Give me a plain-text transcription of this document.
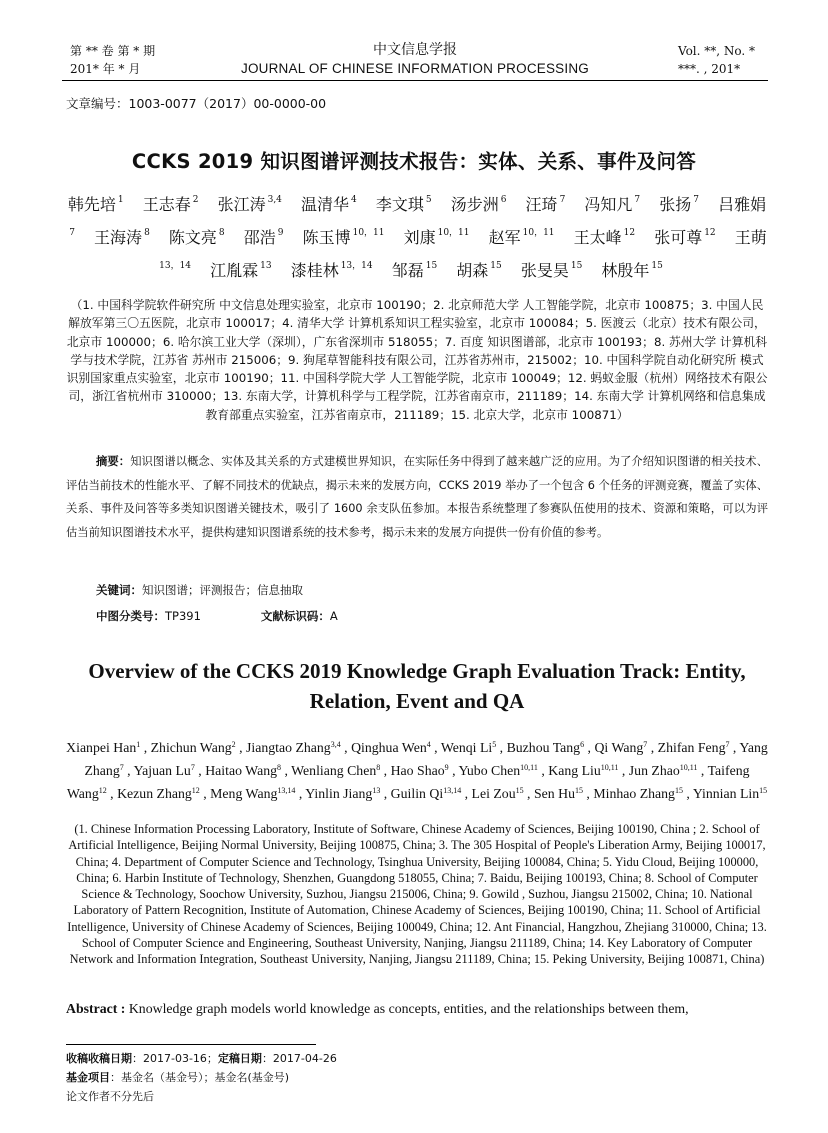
第 ** 卷 第 * 期
201* 年 * 月
中文信息学报
JOURNAL OF CHINESE INFORMATION PROCESSING
Vol. **, No. *
***. , 201*
文章编号：1003-0077（2017）00-0000-00
CCKS 2019 知识图谱评测技术报告：实体、关系、事件及问答
韩先培 $^1$ 王志春 $^2$ 张江涛 $^{3,4}$ 温清华 $^4$ 李文琪 $^5$ 汤步洲 $^6$ 汪琦 $^7$ 冯知凡 $^7$ 张扬 $^7$ 吕雅娟$^7$ 王海涛 $^8$ 陈文亮 $^8$ 邵浩 $^9$ 陈玉博 $^{10,11}$ 刘康 $^{10,11}$ 赵军 $^{10,11}$ 王太峰 $^{12}$ 张可尊 $^{12}$ 王萌$^{13,14}$ 江胤霖 $^{13}$ 漆桂林 $^{13,14}$ 邹磊 $^{15}$ 胡森 $^{15}$ 张旻昊 $^{15}$ 林殷年 $^{15}$
（1. 中国科学院软件研究所 中文信息处理实验室，北京市 100190；2. 北京师范大学 人工智能学院，北京市 100875；3. 中国人民解放军第三〇五医院，北京市 100017；4. 清华大学 计算机系知识工程实验室，北京市 100084；5. 医渡云（北京）技术有限公司，北京市 100000；6. 哈尔滨工业大学（深圳），广东省深圳市 518055；7. 百度 知识图谱部，北京市 100193；8. 苏州大学 计算机科学与技术学院，江苏省 苏州市 215006；9. 狗尾草智能科技有限公司，江苏省苏州市，215002；10. 中国科学院自动化研究所 模式识别国家重点实验室，北京市 100190；11. 中国科学院大学 人工智能学院，北京市 100049；12. 蚂蚁金服（杭州）网络技术有限公司，浙江省杭州市 310000；13. 东南大学，计算机科学与工程学院，江苏省南京市，211189；14. 东南大学 计算机网络和信息集成教育部重点实验室，江苏省南京市，211189；15. 北京大学，北京市 100871）
摘要：知识图谱以概念、实体及其关系的方式建模世界知识，在实际任务中得到了越来越广泛的应用。为了介绍知识图谱的相关技术、评估当前技术的性能水平、了解不同技术的优缺点，揭示未来的发展方向，CCKS 2019 举办了一个包含 6 个任务的评测竞赛，覆盖了实体、关系、事件及问答等多类知识图谱关键技术，吸引了 1600 余支队伍参加。本报告系统整理了参赛队伍使用的技术、资源和策略，可以为评估当前知识图谱技术水平，提供构建知识图谱系统的技术参考，揭示未来的发展方向提供一份有价值的参考。
关键词：知识图谱；评测报告；信息抽取
中图分类号：TP391	文献标识码：A
Overview of the CCKS 2019 Knowledge Graph Evaluation Track: Entity, Relation, Event and QA
Xianpei Han$^1$ , Zhichun Wang$^2$ , Jiangtao Zhang$^{3,4}$ , Qinghua Wen$^4$ , Wenqi Li$^5$ , Buzhou Tang$^6$ , Qi Wang$^7$ , Zhifan Feng$^7$ , Yang Zhang$^7$ , Yajuan Lu$^7$ , Haitao Wang$^8$ , Wenliang Chen$^8$ , Hao Shao$^9$ , Yubo Chen$^{10,11}$ , Kang Liu$^{10,11}$ , Jun Zhao$^{10,11}$ , Taifeng Wang$^{12}$ , Kezun Zhang$^{12}$ , Meng Wang$^{13,14}$ , Yinlin Jiang$^{13}$ , Guilin Qi$^{13,14}$ , Lei Zou$^{15}$ , Sen Hu$^{15}$ , Minhao Zhang$^{15}$ , Yinnian Lin$^{15}$
(1. Chinese Information Processing Laboratory, Institute of Software, Chinese Academy of Sciences, Beijing 100190, China ; 2. School of Artificial Intelligence, Beijing Normal University, Beijing 100875, China; 3. The 305 Hospital of People's Liberation Army, Beijing 100017, China; 4. Department of Computer Science and Technology, Tsinghua University, Beijing 100084, China; 5. Yidu Cloud, Beijing 100000, China; 6. Harbin Institute of Technology, Shenzhen, Guangdong 518055, China; 7. Baidu, Beijing 100193, China; 8. School of Computer Science & Technology, Soochow University, Suzhou, Jiangsu 215006, China; 9. Gowild , Suzhou, Jiangsu 215002, China; 10. National Laboratory of Pattern Recognition, Institute of Automation, Chinese Academy of Sciences, Beijing 100190, China; 11. School of Artificial Intelligence, University of Chinese Academy of Sciences, Beijing 100049, China; 12. Ant Financial, Hangzhou, Zhejiang 310000, China; 13. School of Computer Science and Engineering, Southeast University, Nanjing, Jiangsu 211189, China; 14. Key Laboratory of Computer Network and Information Integration, Southeast University, Nanjing, Jiangsu 211189, China; 15. Peking University, Beijing 100871, China)
Abstract : Knowledge graph models world knowledge as concepts, entities, and the relationships between them,
收稿收稿日期：2017-03-16；定稿日期：2017-04-26
基金项目：基金名（基金号）；基金名(基金号)
论文作者不分先后
